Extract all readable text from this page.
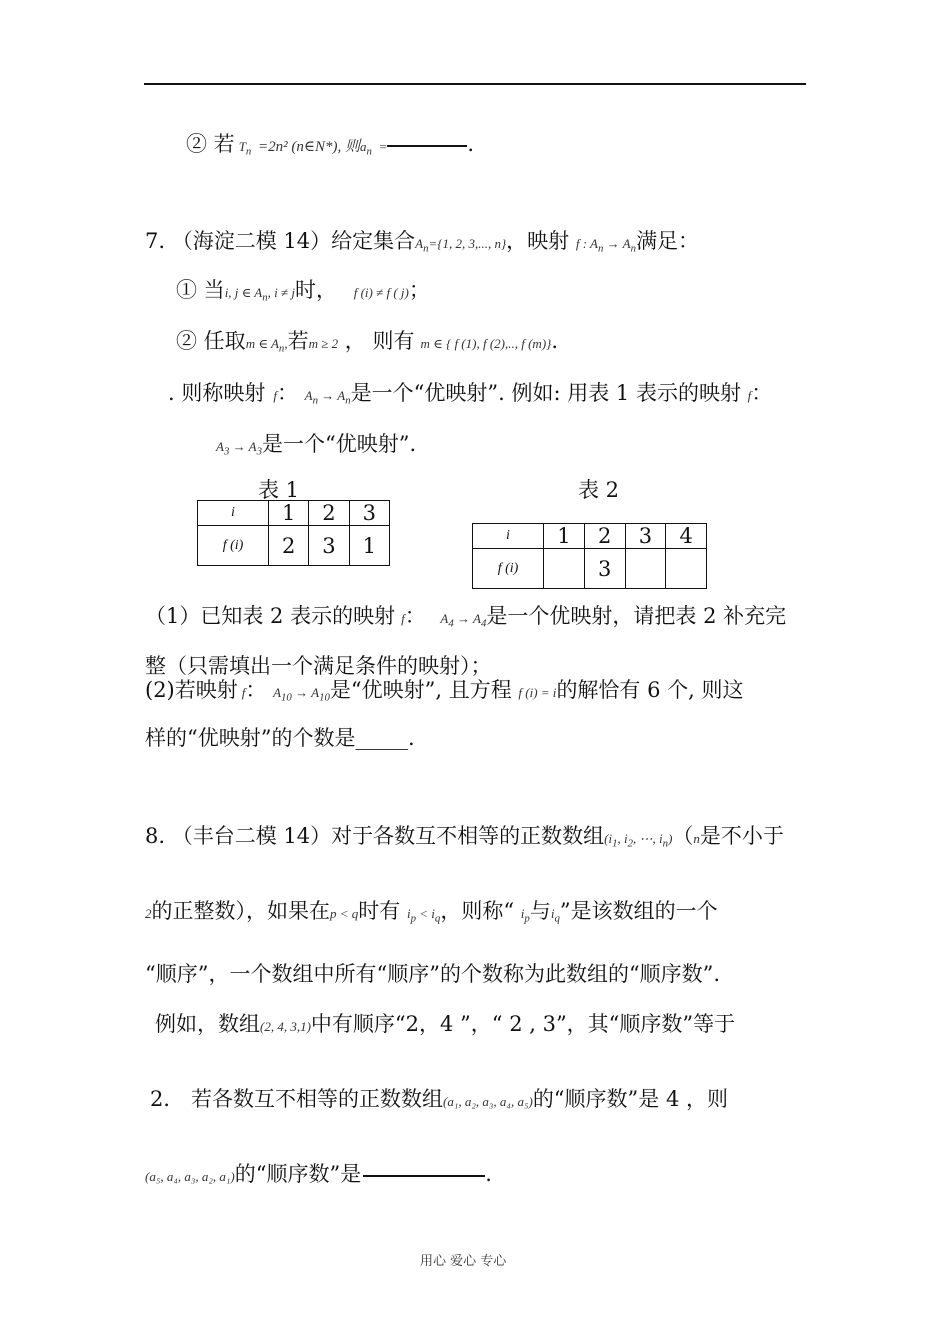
② 若 $T_n =2n^2$ (n∈N*), 则$a_n$ =	.
7. （海淀二模 14）给定集合$A_n=\{1$, 2, 3,..., n}，映射 f : $A_n \to A_n$满足：
① 当i, j ∈ $A_n$, i ≠ j时， f (i) ≠ f ( j)；
② 任取m ∈ $A_n$,若m ≥ 2 ， 则有 m ∈ { f (1), f (2),.., f (m)}.
. 则称映射 f： $A_n \to A_n$是一个“优映射”. 例如: 用表 1 表示的映射 f：
$A_3 \to A_3$是一个“优映射”.
表 1
i	1	2	3
f (i)	2	3	1
表 2
i	1	2	3	4
f (i)		3		
（1）已知表 2 表示的映射 f： $A_4 \to A_4$是一个优映射，请把表 2 补充完
整（只需填出一个满足条件的映射）；
(2)若映射 f： $A_{10} \to A_{10}$是“优映射”, 且方程 f (i) = i的解恰有 6 个, 则这
样的“优映射”的个数是_____.
8. （丰台二模 14）对于各数互不相等的正数数组($i_1$, $i_2$, ⋯, $i_n)(n$是不小于
2的正整数），如果在p < q时有 $i_p < i_q$，则称“ $i_p$与$i_q$”是该数组的一个
“顺序”，一个数组中所有“顺序”的个数称为此数组的“顺序数”.
例如，数组(2, 4, 3,1)中有顺序“2，4 ”，“ 2 , 3”，其“顺序数”等于
2． 若各数互不相等的正数数组(a₁, a₂, a₃, a₄, a₅)的“顺序数”是 4 ，则
(a₅, a₄, a₃, a₂, a₁)的“顺序数”是	.
用心 爱心 专心
